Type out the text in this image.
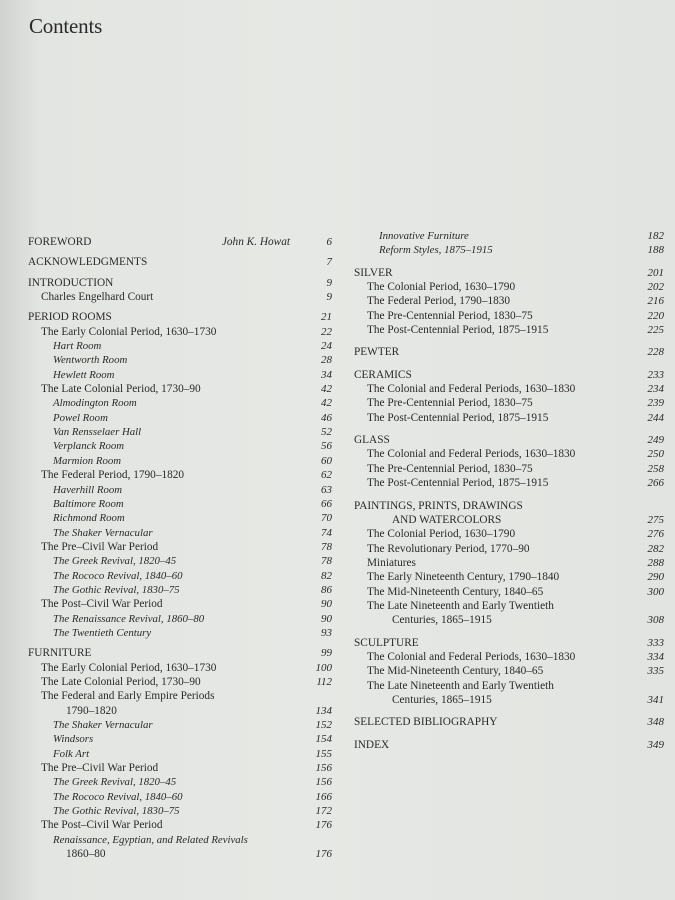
Contents
FOREWORD	John K. Howat	6
ACKNOWLEDGMENTS	7
INTRODUCTION	9
Charles Engelhard Court	9
PERIOD ROOMS	21
The Early Colonial Period, 1630–1730	22
Hart Room	24
Wentworth Room	28
Hewlett Room	34
The Late Colonial Period, 1730–90	42
Almodington Room	42
Powel Room	46
Van Rensselaer Hall	52
Verplanck Room	56
Marmion Room	60
The Federal Period, 1790–1820	62
Haverhill Room	63
Baltimore Room	66
Richmond Room	70
The Shaker Vernacular	74
The Pre–Civil War Period	78
The Greek Revival, 1820–45	78
The Rococo Revival, 1840–60	82
The Gothic Revival, 1830–75	86
The Post–Civil War Period	90
The Renaissance Revival, 1860–80	90
The Twentieth Century	93
FURNITURE	99
The Early Colonial Period, 1630–1730	100
The Late Colonial Period, 1730–90	112
The Federal and Early Empire Periods
1790–1820	134
The Shaker Vernacular	152
Windsors	154
Folk Art	155
The Pre–Civil War Period	156
The Greek Revival, 1820–45	156
The Rococo Revival, 1840–60	166
The Gothic Revival, 1830–75	172
The Post–Civil War Period	176
Renaissance, Egyptian, and Related Revivals
1860–80	176
Innovative Furniture	182
Reform Styles, 1875–1915	188
SILVER	201
The Colonial Period, 1630–1790	202
The Federal Period, 1790–1830	216
The Pre-Centennial Period, 1830–75	220
The Post-Centennial Period, 1875–1915	225
PEWTER	228
CERAMICS	233
The Colonial and Federal Periods, 1630–1830	234
The Pre-Centennial Period, 1830–75	239
The Post-Centennial Period, 1875–1915	244
GLASS	249
The Colonial and Federal Periods, 1630–1830	250
The Pre-Centennial Period, 1830–75	258
The Post-Centennial Period, 1875–1915	266
PAINTINGS, PRINTS, DRAWINGS
AND WATERCOLORS	275
The Colonial Period, 1630–1790	276
The Revolutionary Period, 1770–90	282
Miniatures	288
The Early Nineteenth Century, 1790–1840	290
The Mid-Nineteenth Century, 1840–65	300
The Late Nineteenth and Early Twentieth
Centuries, 1865–1915	308
SCULPTURE	333
The Colonial and Federal Periods, 1630–1830	334
The Mid-Nineteenth Century, 1840–65	335
The Late Nineteenth and Early Twentieth
Centuries, 1865–1915	341
SELECTED BIBLIOGRAPHY	348
INDEX	349
